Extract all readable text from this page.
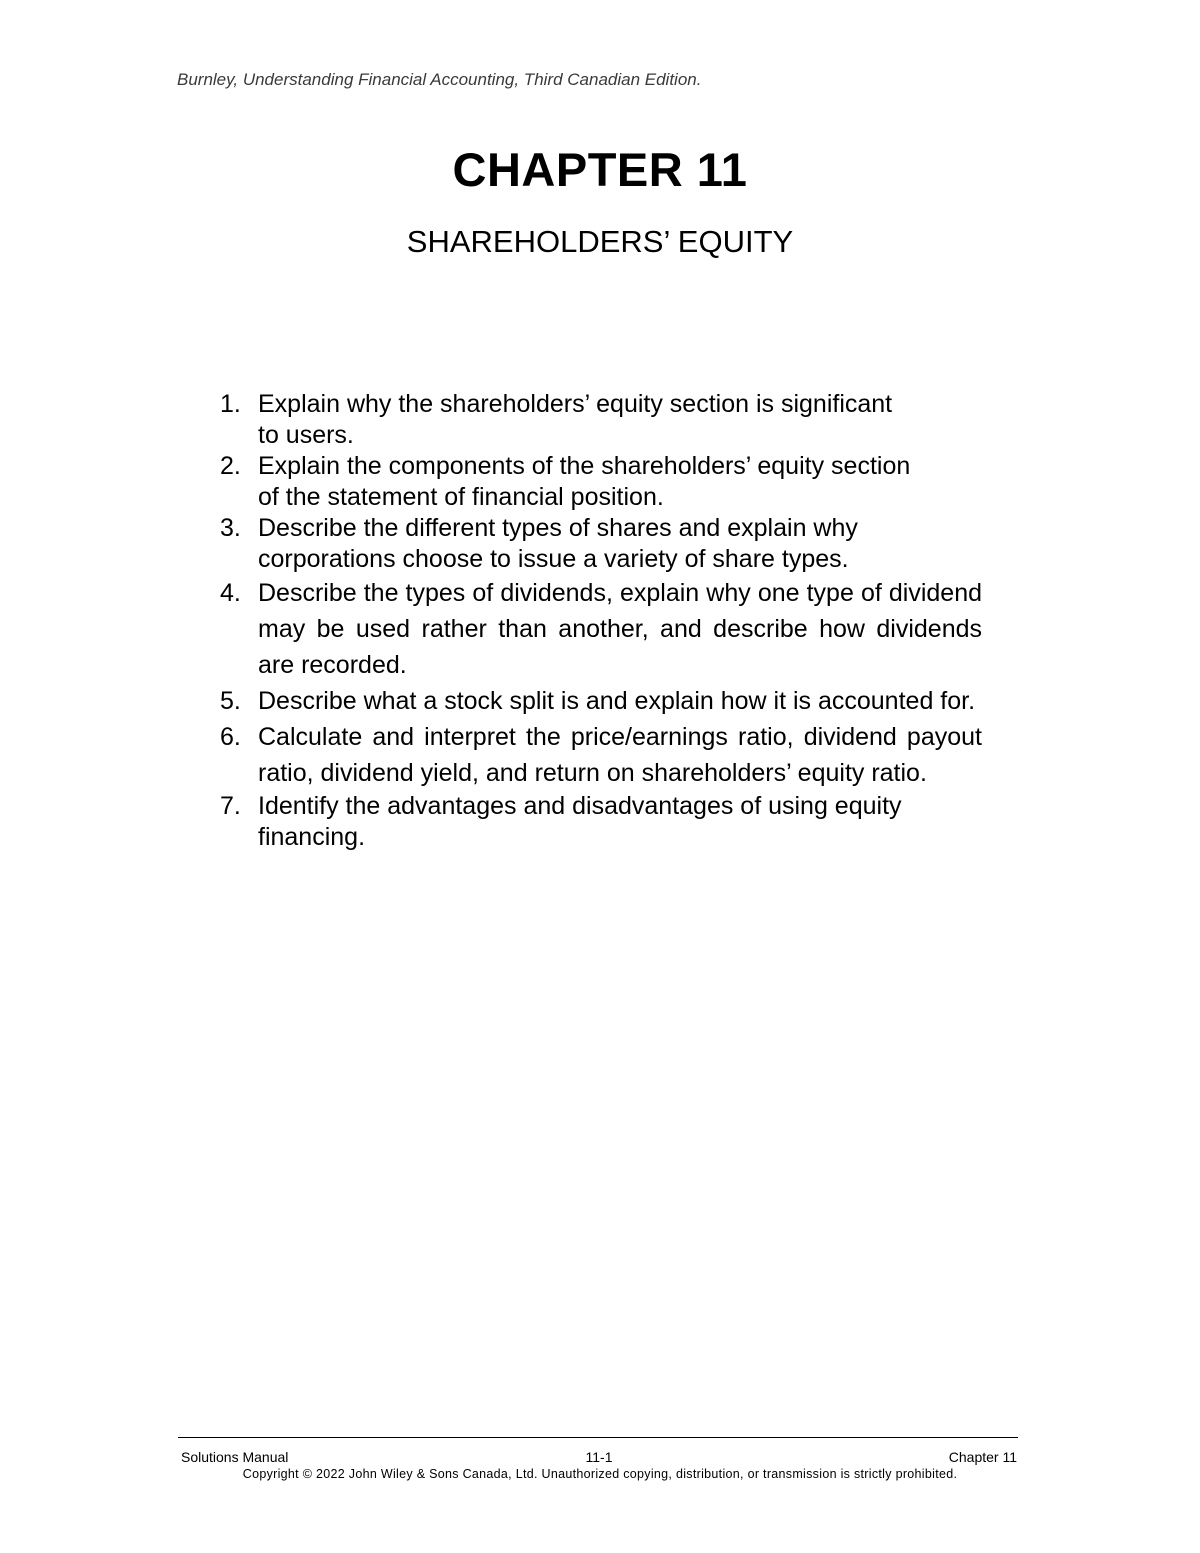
Burnley, Understanding Financial Accounting, Third Canadian Edition.
CHAPTER 11
SHAREHOLDERS’ EQUITY
1. Explain why the shareholders’ equity section is significant
to users.
2. Explain the components of the shareholders’ equity section
of the statement of financial position.
3. Describe the different types of shares and explain why
corporations choose to issue a variety of share types.
4. Describe the types of dividends, explain why one type of dividend may be used rather than another, and describe how dividends are recorded.
5. Describe what a stock split is and explain how it is accounted for.
6. Calculate and interpret the price/earnings ratio, dividend payout ratio, dividend yield, and return on shareholders’ equity ratio.
7. Identify the advantages and disadvantages of using equity
financing.
Solutions Manual	11-1	Chapter 11
Copyright © 2022 John Wiley & Sons Canada, Ltd. Unauthorized copying, distribution, or transmission is strictly prohibited.
